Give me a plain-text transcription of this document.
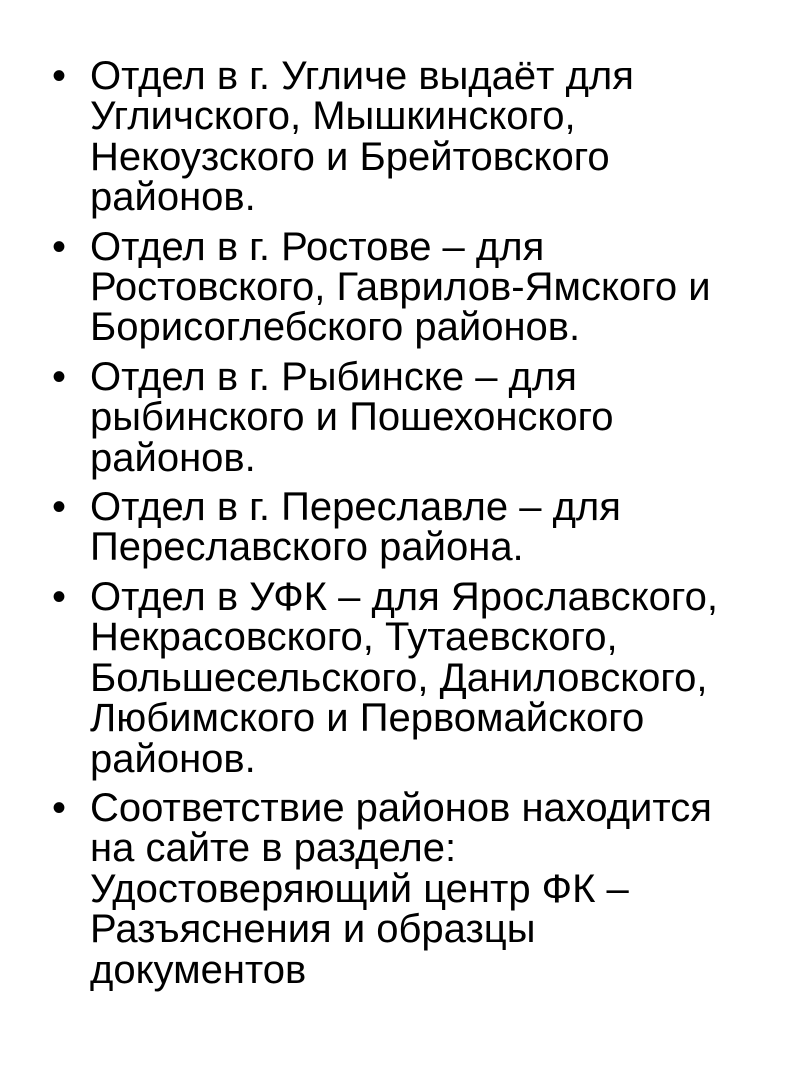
• Отдел в г. Угличе выдаёт для
Угличского, Мышкинского,
Некоузского и Брейтовского
районов.
• Отдел в г. Ростове – для
Ростовского, Гаврилов-Ямского и
Борисоглебского районов.
• Отдел в г. Рыбинске – для
рыбинского и Пошехонского
районов.
• Отдел в г. Переславле – для
Переславского района.
• Отдел в УФК – для Ярославского,
Некрасовского, Тутаевского,
Большесельского, Даниловского,
Любимского и Первомайского
районов.
• Соответствие районов находится
на сайте в разделе:
Удостоверяющий центр ФК –
Разъяснения и образцы
документов
